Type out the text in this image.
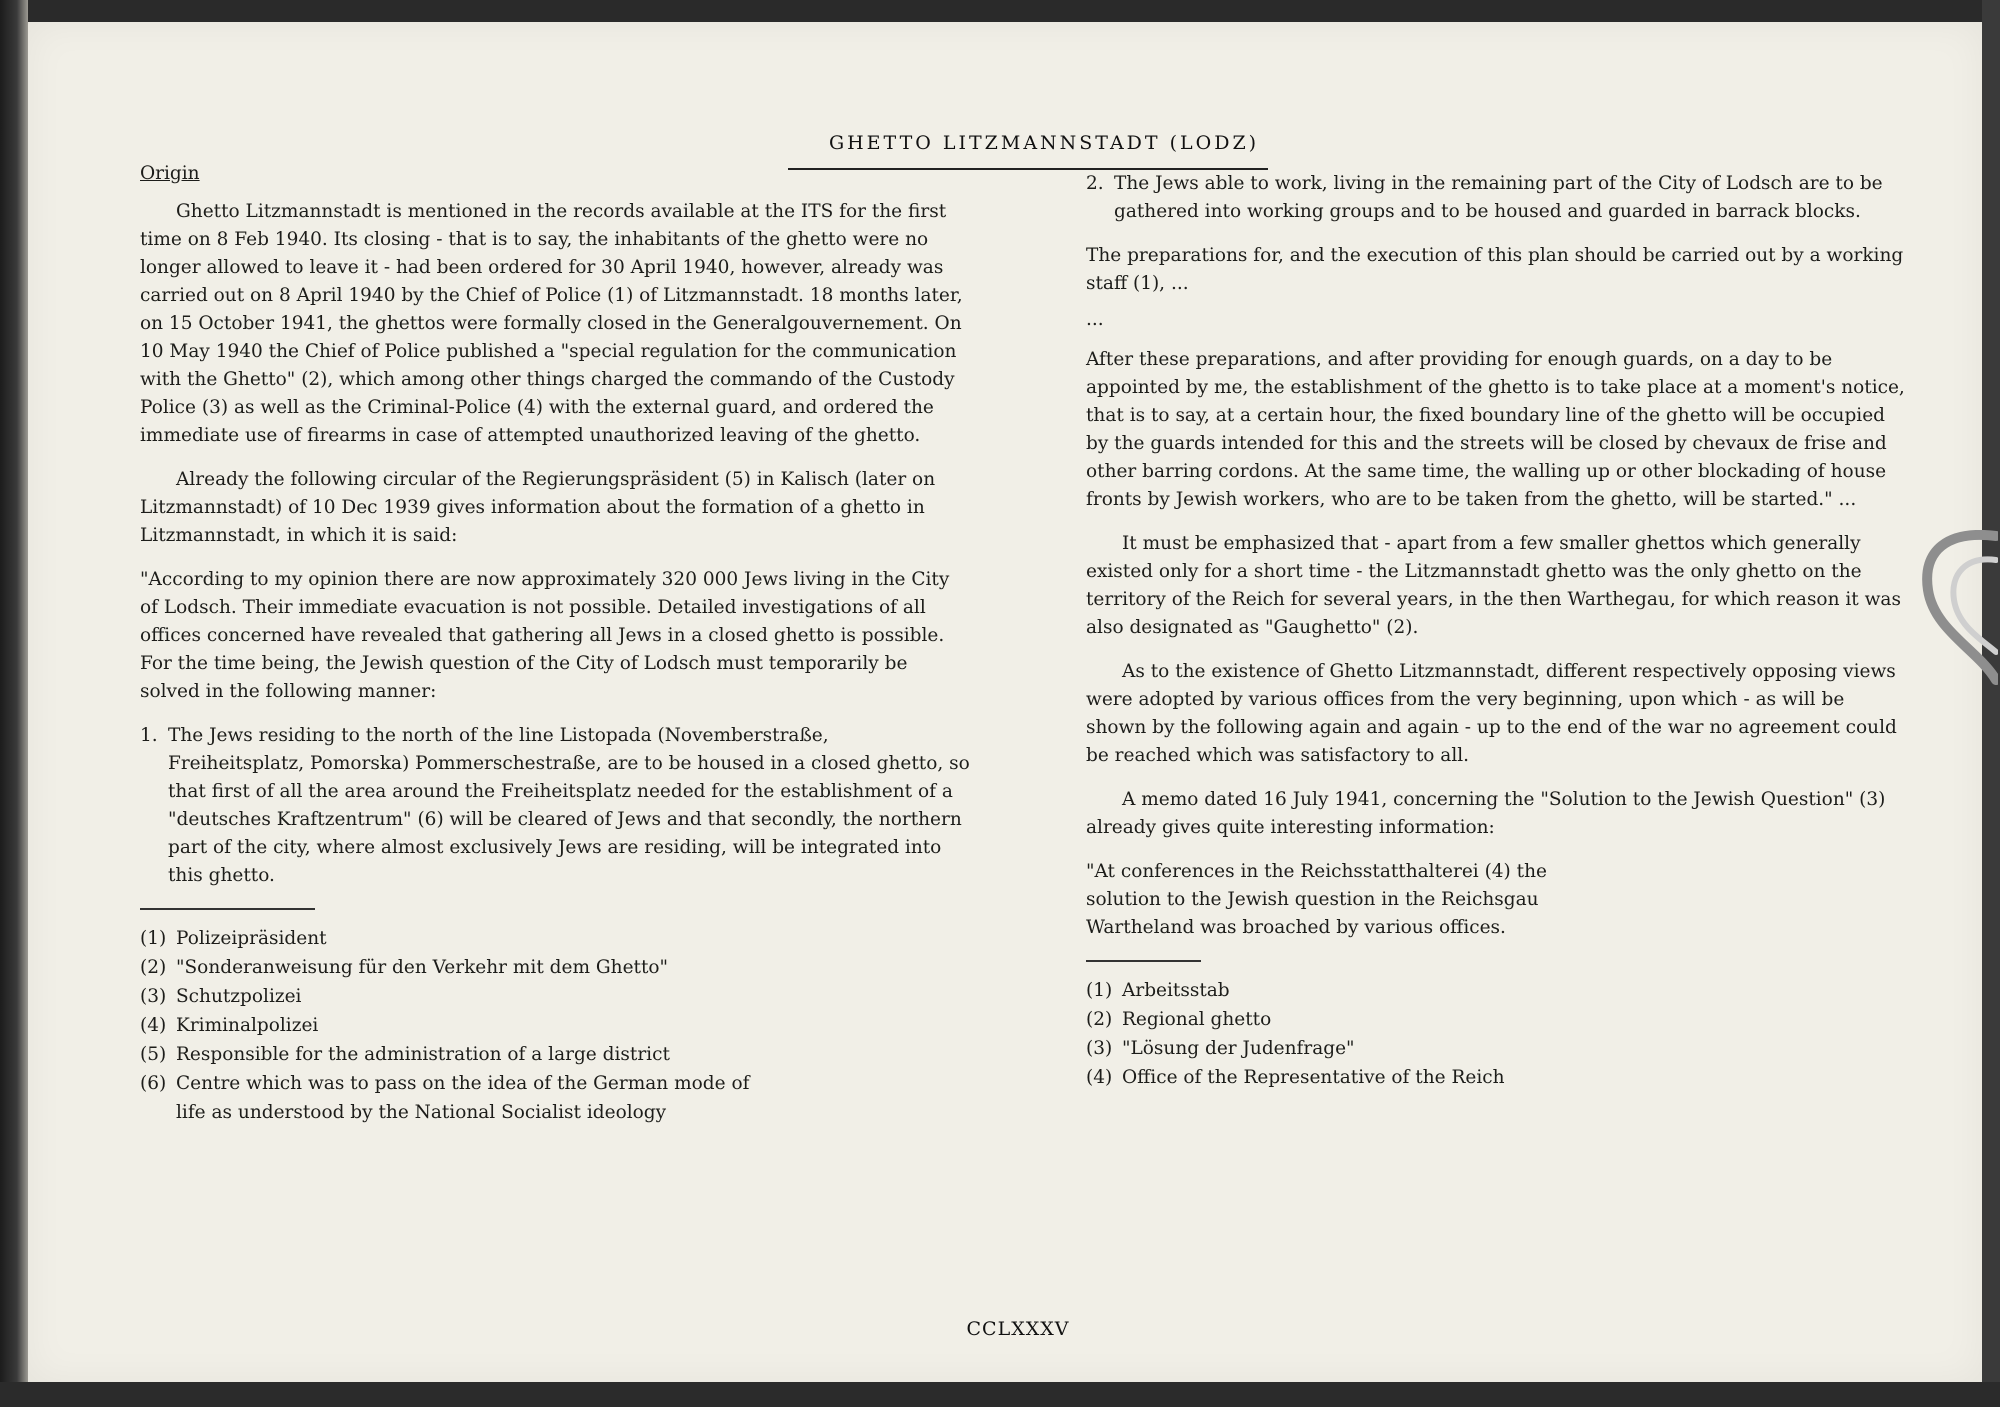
GHETTO LITZMANNSTADT (LODZ)

Origin

Ghetto Litzmannstadt is mentioned in the records available at the ITS for the first time on 8 Feb 1940. Its closing - that is to say, the inhabitants of the ghetto were no longer allowed to leave it - had been ordered for 30 April 1940, however, already was carried out on 8 April 1940 by the Chief of Police (1) of Litzmannstadt. 18 months later, on 15 October 1941, the ghettos were formally closed in the Generalgouvernement. On 10 May 1940 the Chief of Police published a "special regulation for the communication with the Ghetto" (2), which among other things charged the commando of the Custody Police (3) as well as the Criminal-Police (4) with the external guard, and ordered the immediate use of firearms in case of attempted unauthorized leaving of the ghetto.

Already the following circular of the Regierungspräsident (5) in Kalisch (later on Litzmannstadt) of 10 Dec 1939 gives information about the formation of a ghetto in Litzmannstadt, in which it is said:

"According to my opinion there are now approximately 320 000 Jews living in the City of Lodsch. Their immediate evacuation is not possible. Detailed investigations of all offices concerned have revealed that gathering all Jews in a closed ghetto is possible. For the time being, the Jewish question of the City of Lodsch must temporarily be solved in the following manner:

1. The Jews residing to the north of the line Listopada (Novemberstraße, Freiheitsplatz, Pomorska) Pommerschestraße, are to be housed in a closed ghetto, so that first of all the area around the Freiheitsplatz needed for the establishment of a "deutsches Kraftzentrum" (6) will be cleared of Jews and that secondly, the northern part of the city, where almost exclusively Jews are residing, will be integrated into this ghetto.
(1) Polizeipräsident
(2) "Sonderanweisung für den Verkehr mit dem Ghetto"
(3) Schutzpolizei
(4) Kriminalpolizei
(5) Responsible for the administration of a large district
(6) Centre which was to pass on the idea of the German mode of life as understood by the National Socialist ideology
2. The Jews able to work, living in the remaining part of the City of Lodsch are to be gathered into working groups and to be housed and guarded in barrack blocks.

The preparations for, and the execution of this plan should be carried out by a working staff (1), ...

...

After these preparations, and after providing for enough guards, on a day to be appointed by me, the establishment of the ghetto is to take place at a moment's notice, that is to say, at a certain hour, the fixed boundary line of the ghetto will be occupied by the guards intended for this and the streets will be closed by chevaux de frise and other barring cordons. At the same time, the walling up or other blockading of house fronts by Jewish workers, who are to be taken from the ghetto, will be started." ...

It must be emphasized that - apart from a few smaller ghettos which generally existed only for a short time - the Litzmannstadt ghetto was the only ghetto on the territory of the Reich for several years, in the then Warthegau, for which reason it was also designated as "Gaughetto" (2).

As to the existence of Ghetto Litzmannstadt, different respectively opposing views were adopted by various offices from the very beginning, upon which - as will be shown by the following again and again - up to the end of the war no agreement could be reached which was satisfactory to all.

A memo dated 16 July 1941, concerning the "Solution to the Jewish Question" (3) already gives quite interesting information:

"At conferences in the Reichsstatthalterei (4) the solution to the Jewish question in the Reichsgau Wartheland was broached by various offices.

(1) Arbeitsstab
(2) Regional ghetto
(3) "Lösung der Judenfrage"
(4) Office of the Representative of the Reich
CCLXXXV
